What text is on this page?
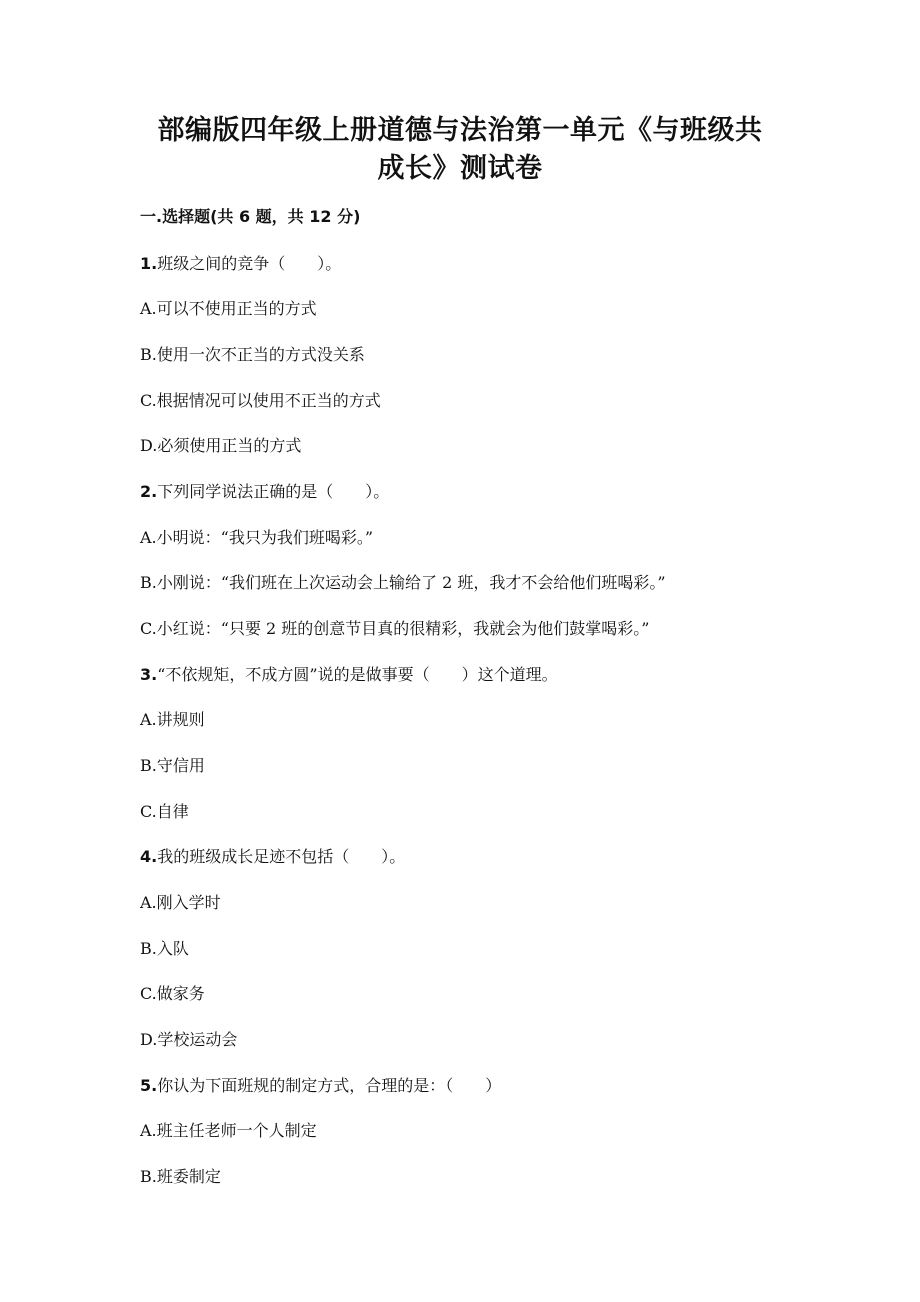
部编版四年级上册道德与法治第一单元《与班级共
成长》测试卷
一.选择题(共 6 题，共 12 分)
1.班级之间的竞争（　　）。
A.可以不使用正当的方式
B.使用一次不正当的方式没关系
C.根据情况可以使用不正当的方式
D.必须使用正当的方式
2.下列同学说法正确的是（　　）。
A.小明说：“我只为我们班喝彩。”
B.小刚说：“我们班在上次运动会上输给了 2 班，我才不会给他们班喝彩。”
C.小红说：“只要 2 班的创意节目真的很精彩，我就会为他们鼓掌喝彩。”
3.“不依规矩，不成方圆”说的是做事要（　　）这个道理。
A.讲规则
B.守信用
C.自律
4.我的班级成长足迹不包括（　　）。
A.刚入学时
B.入队
C.做家务
D.学校运动会
5.你认为下面班规的制定方式，合理的是：（　　）
A.班主任老师一个人制定
B.班委制定
